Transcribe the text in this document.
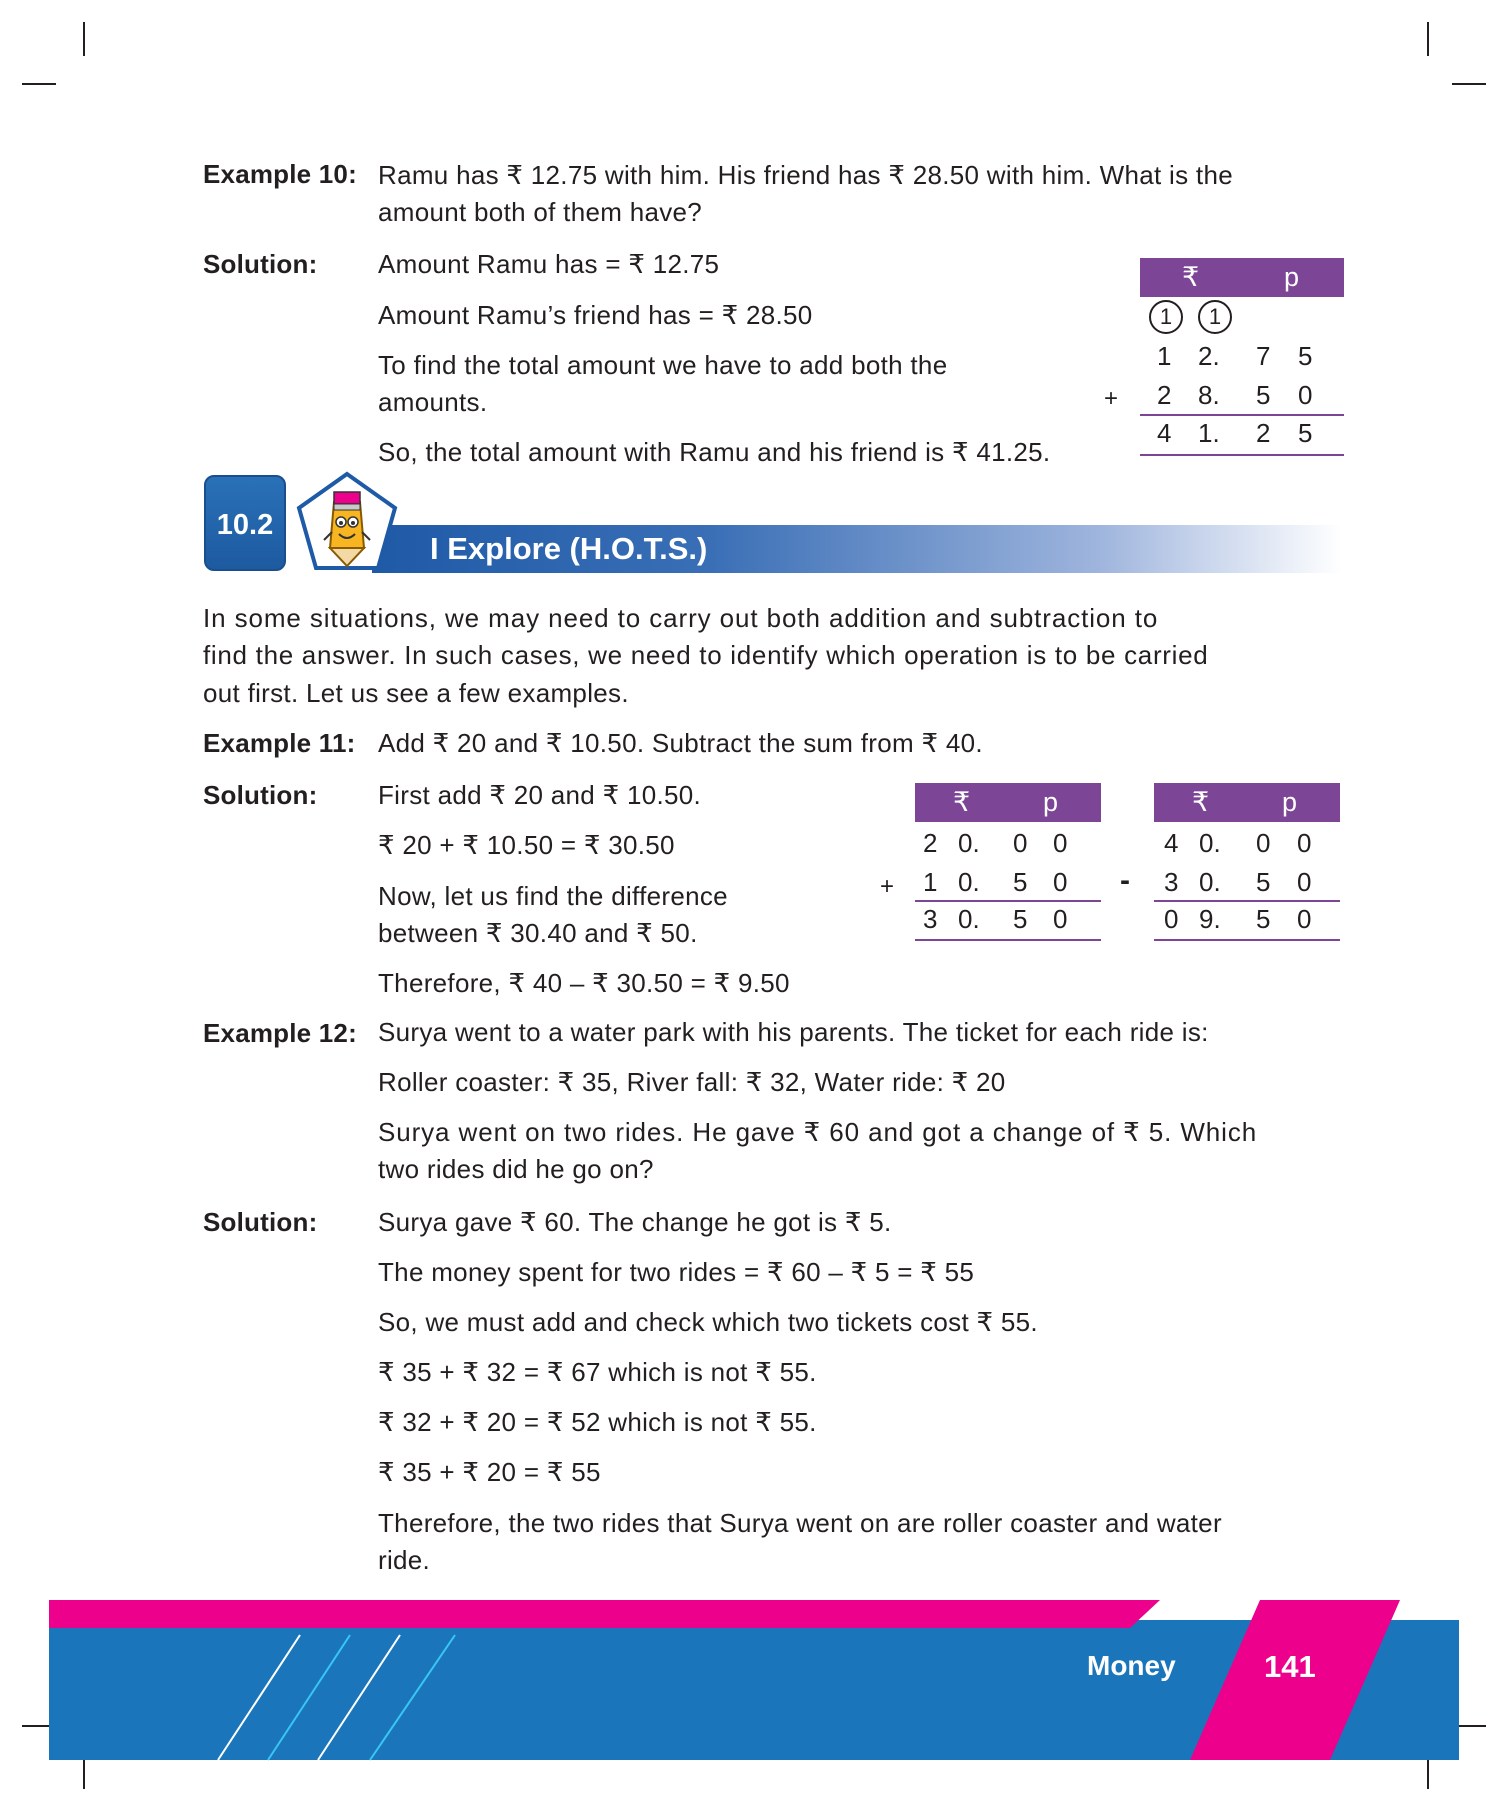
Example 10: Ramu has ₹ 12.75 with him. His friend has ₹ 28.50 with him. What is the
amount both of them have?
Solution: Amount Ramu has = ₹ 12.75
Amount Ramu’s friend has = ₹ 28.50
To find the total amount we have to add both the
amounts.
So, the total amount with Ramu and his friend is ₹ 41.25.
₹	p
1	1
1 2. 7 5
2 8. 5 0
4 1. 2 5
+
10.2
I Explore (H.O.T.S.)
In some situations, we may need to carry out both addition and subtraction to
find the answer. In such cases, we need to identify which operation is to be carried
out first. Let us see a few examples.
Example 11: Add ₹ 20 and ₹ 10.50. Subtract the sum from ₹ 40.
Solution: First add ₹ 20 and ₹ 10.50.
₹ 20 + ₹ 10.50 = ₹ 30.50
Now, let us find the difference
between ₹ 30.40 and ₹ 50.
Therefore, ₹ 40 – ₹ 30.50 = ₹ 9.50
₹	p
2 0. 0 0
1 0. 5 0
3 0. 5 0
+
₹	p
4 0. 0 0
3 0. 5 0
0 9. 5 0
-
Example 12: Surya went to a water park with his parents. The ticket for each ride is:
Roller coaster: ₹ 35, River fall: ₹ 32, Water ride: ₹ 20
Surya went on two rides. He gave ₹ 60 and got a change of ₹ 5. Which
two rides did he go on?
Solution: Surya gave ₹ 60. The change he got is ₹ 5.
The money spent for two rides = ₹ 60 – ₹ 5 = ₹ 55
So, we must add and check which two tickets cost ₹ 55.
₹ 35 + ₹ 32 = ₹ 67 which is not ₹ 55.
₹ 32 + ₹ 20 = ₹ 52 which is not ₹ 55.
₹ 35 + ₹ 20 = ₹ 55
Therefore, the two rides that Surya went on are roller coaster and water
ride.
Money	141
